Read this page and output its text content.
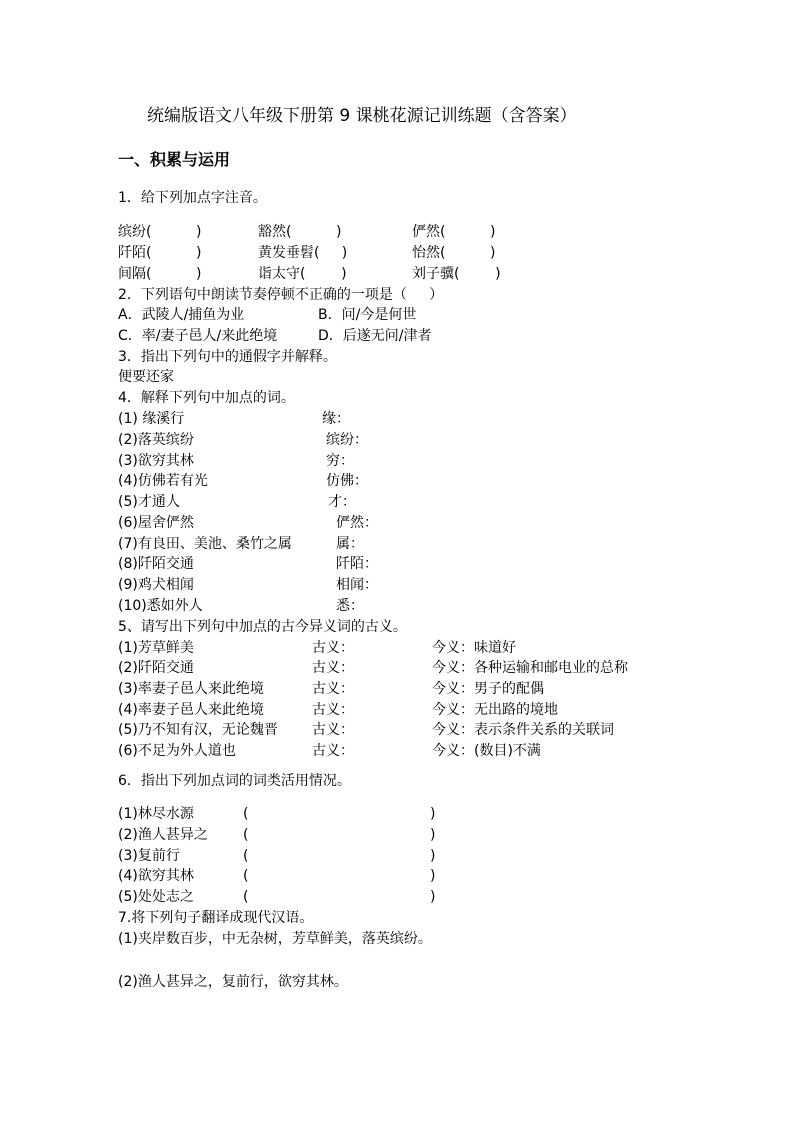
统编版语文八年级下册第 9 课桃花源记训练题（含答案）
一、积累与运用
1．给下列加点字注音。
缤纷(          )	豁然(          )	俨然(          )
阡陌(          )	黄发垂髫(     )	怡然(          )
间隔(          )	诣太守(        )	刘子骥(        )
2．下列语句中朗读节奏停顿不正确的一项是（     ）
A．武陵人/捕鱼为业	B．问/今是何世
C．率/妻子邑人/来此绝境	D．后遂无问/津者
3．指出下列句中的通假字并解释。
便要还家
4．解释下列句中加点的词。
(1) 缘溪行	缘：
(2)落英缤纷	缤纷：
(3)欲穷其林	穷：
(4)仿佛若有光	仿佛：
(5)才通人	才：
(6)屋舍俨然	俨然：
(7)有良田、美池、桑竹之属	属：
(8)阡陌交通	阡陌：
(9)鸡犬相闻	相闻：
(10)悉如外人	悉：
5、请写出下列句中加点的古今异义词的古义。
(1)芳草鲜美	古义：	今义：味道好
(2)阡陌交通	古义：	今义：各种运输和邮电业的总称
(3)率妻子邑人来此绝境	古义：	今义：男子的配偶
(4)率妻子邑人来此绝境	古义：	今义：无出路的境地
(5)乃不知有汉，无论魏晋 古义：	今义：表示条件关系的关联词
(6)不足为外人道也	古义：	今义：(数目)不满
6．指出下列加点词的词类活用情况。
(1)林尽水源	(	)
(2)渔人甚异之	(	)
(3)复前行	(	)
(4)欲穷其林	(	)
(5)处处志之	(	)
7.将下列句子翻译成现代汉语。
(1)夹岸数百步，中无杂树，芳草鲜美，落英缤纷。
(2)渔人甚异之，复前行，欲穷其林。
